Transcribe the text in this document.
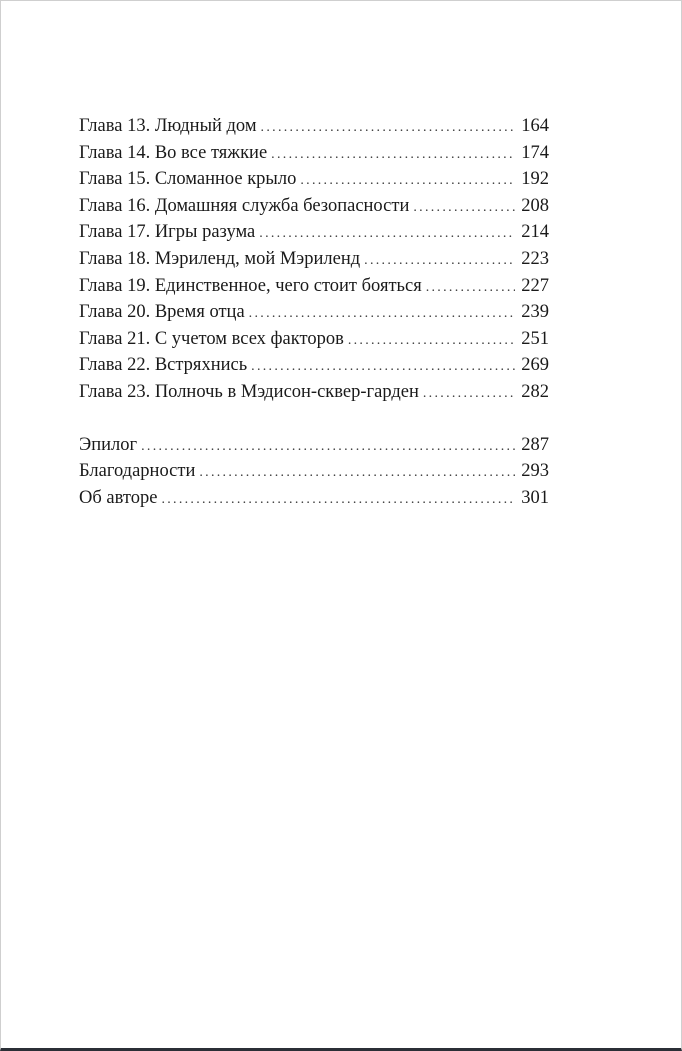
Глава 13. Людный дом .....	164
Глава 14. Во все тяжкие .....	174
Глава 15. Сломанное крыло .....	192
Глава 16. Домашняя служба безопасности .....	208
Глава 17. Игры разума .....	214
Глава 18. Мэриленд, мой Мэриленд .....	223
Глава 19. Единственное, чего стоит бояться .....	227
Глава 20. Время отца .....	239
Глава 21. С учетом всех факторов .....	251
Глава 22. Встряхнись .....	269
Глава 23. Полночь в Мэдисон-сквер-гарден .....	282
Эпилог .....	287
Благодарности .....	293
Об авторе .....	301
